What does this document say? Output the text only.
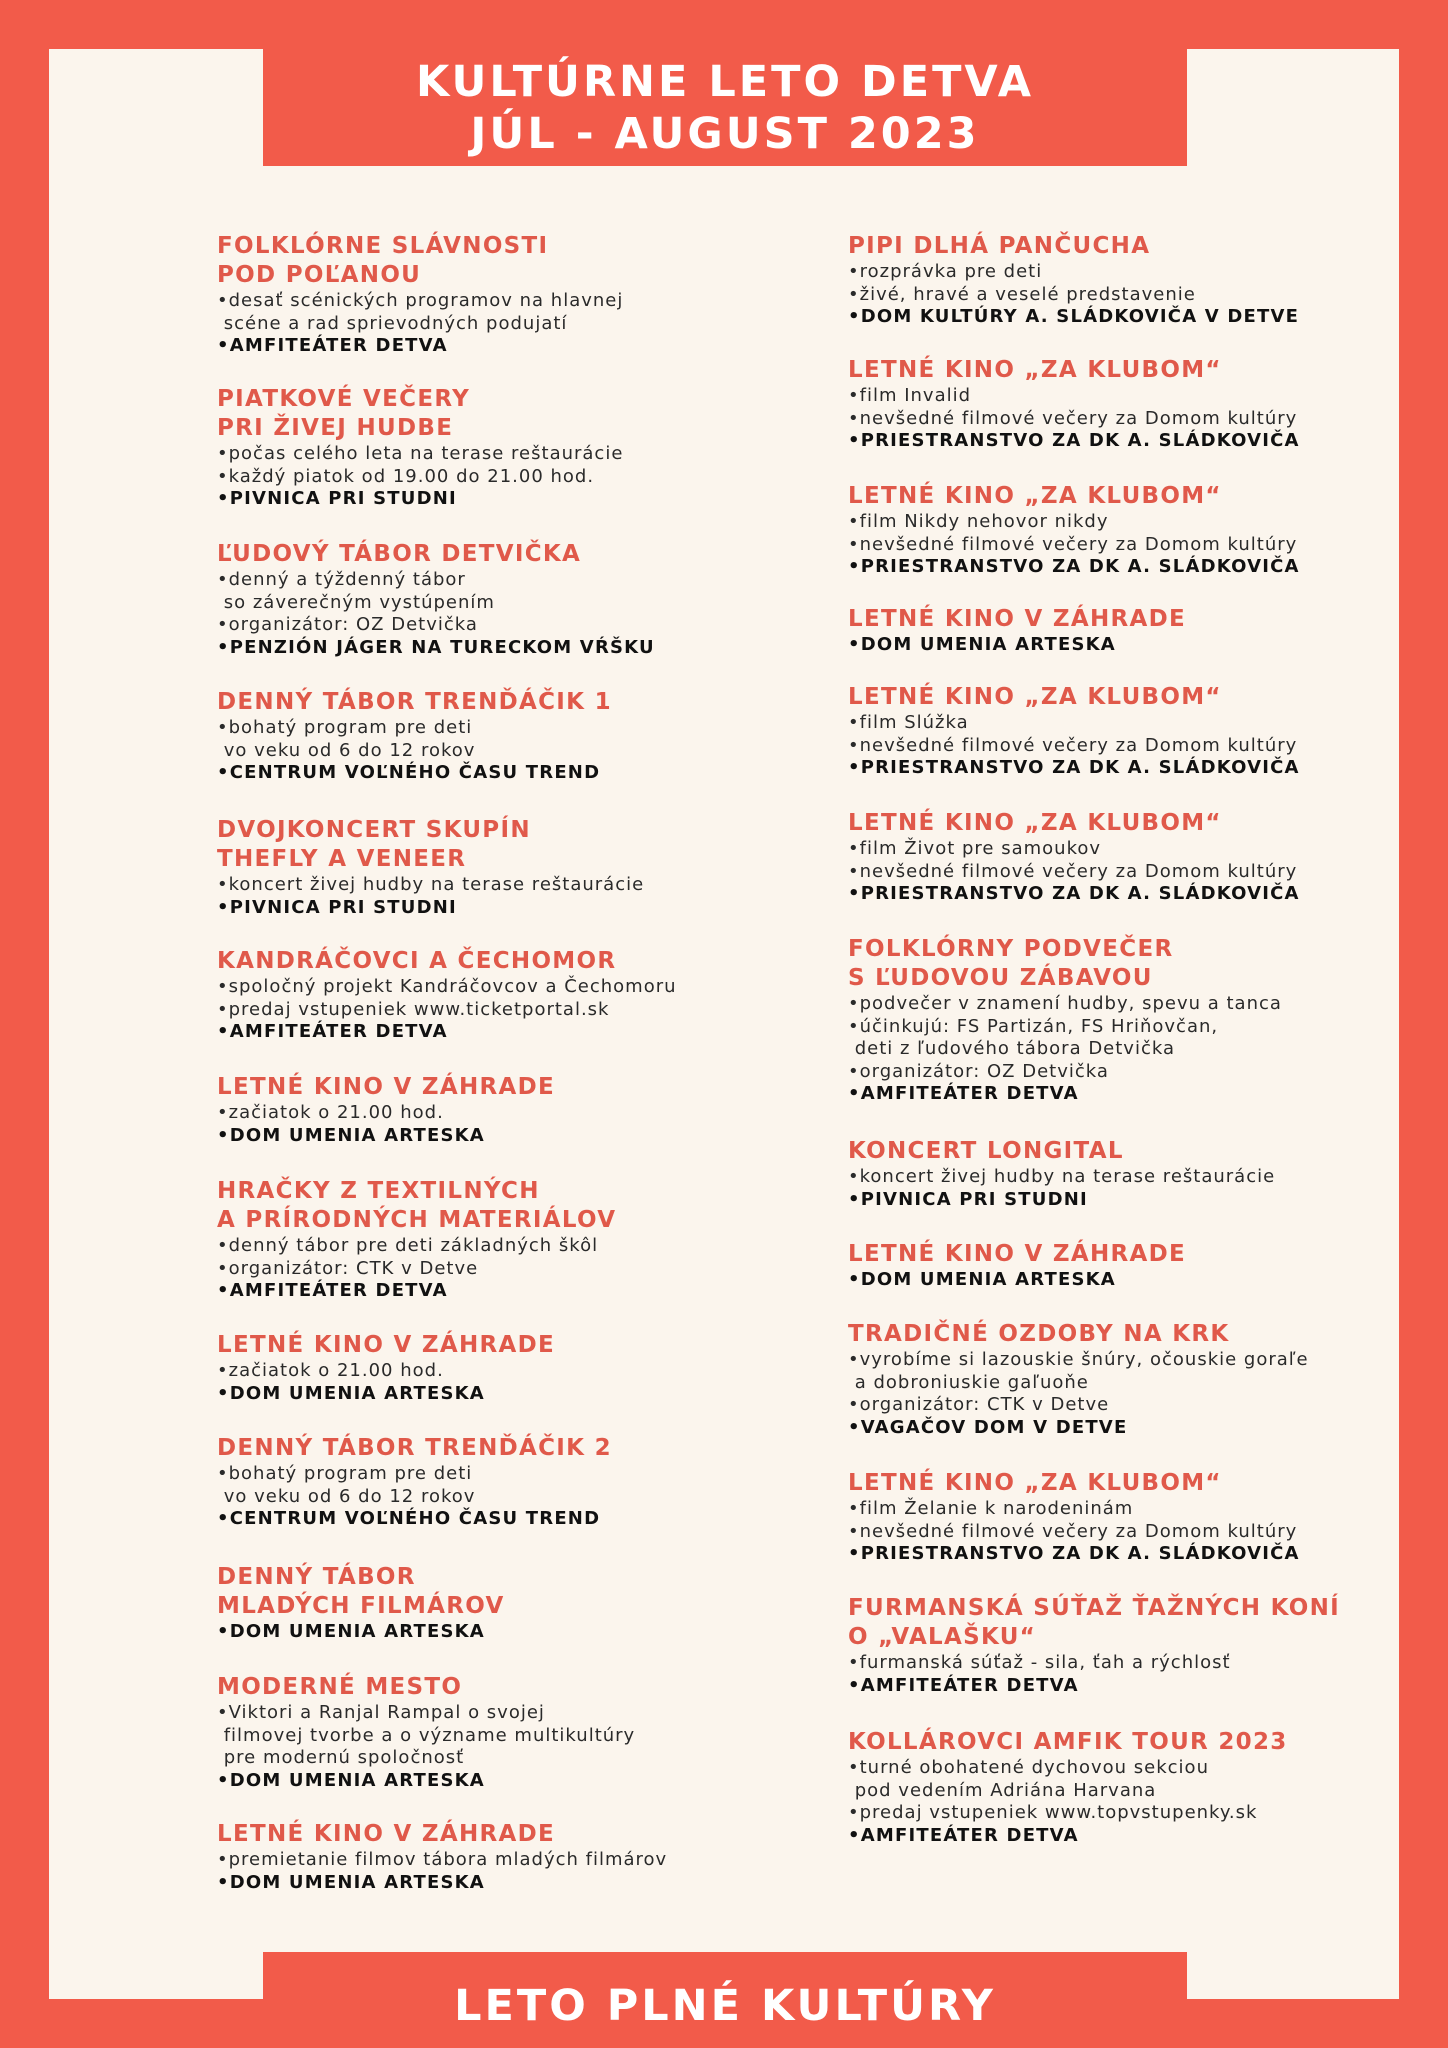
KULTÚRNE LETO DETVA
JÚL - AUGUST 2023
FOLKLÓRNE SLÁVNOSTI
POD POĽANOU
•desať scénických programov na hlavnej
scéne a rad sprievodných podujatí
•AMFITEÁTER DETVA
PIATKOVÉ VEČERY
PRI ŽIVEJ HUDBE
•počas celého leta na terase reštaurácie
•každý piatok od 19.00 do 21.00 hod.
•PIVNICA PRI STUDNI
ĽUDOVÝ TÁBOR DETVIČKA
•denný a týždenný tábor
so záverečným vystúpením
•organizátor: OZ Detvička
•PENZIÓN JÁGER NA TURECKOM VŔŠKU
DENNÝ TÁBOR TRENĎÁČIK 1
•bohatý program pre deti
vo veku od 6 do 12 rokov
•CENTRUM VOĽNÉHO ČASU TREND
DVOJKONCERT SKUPÍN
THEFLY A VENEER
•koncert živej hudby na terase reštaurácie
•PIVNICA PRI STUDNI
KANDRÁČOVCI A ČECHOMOR
•spoločný projekt Kandráčovcov a Čechomoru
•predaj vstupeniek www.ticketportal.sk
•AMFITEÁTER DETVA
LETNÉ KINO V ZÁHRADE
•začiatok o 21.00 hod.
•DOM UMENIA ARTESKA
HRAČKY Z TEXTILNÝCH
A PRÍRODNÝCH MATERIÁLOV
•denný tábor pre deti základných škôl
•organizátor: CTK v Detve
•AMFITEÁTER DETVA
LETNÉ KINO V ZÁHRADE
•začiatok o 21.00 hod.
•DOM UMENIA ARTESKA
DENNÝ TÁBOR TRENĎÁČIK 2
•bohatý program pre deti
vo veku od 6 do 12 rokov
•CENTRUM VOĽNÉHO ČASU TREND
DENNÝ TÁBOR
MLADÝCH FILMÁROV
•DOM UMENIA ARTESKA
MODERNÉ MESTO
•Viktori a Ranjal Rampal o svojej
filmovej tvorbe a o význame multikultúry
pre modernú spoločnosť
•DOM UMENIA ARTESKA
LETNÉ KINO V ZÁHRADE
•premietanie filmov tábora mladých filmárov
•DOM UMENIA ARTESKA
PIPI DLHÁ PANČUCHA
•rozprávka pre deti
•živé, hravé a veselé predstavenie
•DOM KULTÚRY A. SLÁDKOVIČA V DETVE
LETNÉ KINO „ZA KLUBOM“
•film Invalid
•nevšedné filmové večery za Domom kultúry
•PRIESTRANSTVO ZA DK A. SLÁDKOVIČA
LETNÉ KINO „ZA KLUBOM“
•film Nikdy nehovor nikdy
•nevšedné filmové večery za Domom kultúry
•PRIESTRANSTVO ZA DK A. SLÁDKOVIČA
LETNÉ KINO V ZÁHRADE
•DOM UMENIA ARTESKA
LETNÉ KINO „ZA KLUBOM“
•film Slúžka
•nevšedné filmové večery za Domom kultúry
•PRIESTRANSTVO ZA DK A. SLÁDKOVIČA
LETNÉ KINO „ZA KLUBOM“
•film Život pre samoukov
•nevšedné filmové večery za Domom kultúry
•PRIESTRANSTVO ZA DK A. SLÁDKOVIČA
FOLKLÓRNY PODVEČER
S ĽUDOVOU ZÁBAVOU
•podvečer v znamení hudby, spevu a tanca
•účinkujú: FS Partizán, FS Hriňovčan,
deti z ľudového tábora Detvička
•organizátor: OZ Detvička
•AMFITEÁTER DETVA
KONCERT LONGITAL
•koncert živej hudby na terase reštaurácie
•PIVNICA PRI STUDNI
LETNÉ KINO V ZÁHRADE
•DOM UMENIA ARTESKA
TRADIČNÉ OZDOBY NA KRK
•vyrobíme si lazouskie šnúry, očouskie goraľe
a dobroniuskie gaľuoňe
•organizátor: CTK v Detve
•VAGAČOV DOM V DETVE
LETNÉ KINO „ZA KLUBOM“
•film Želanie k narodeninám
•nevšedné filmové večery za Domom kultúry
•PRIESTRANSTVO ZA DK A. SLÁDKOVIČA
FURMANSKÁ SÚŤAŽ ŤAŽNÝCH KONÍ
O „VALAŠKU“
•furmanská súťaž - sila, ťah a rýchlosť
•AMFITEÁTER DETVA
KOLLÁROVCI AMFIK TOUR 2023
•turné obohatené dychovou sekciou
pod vedením Adriána Harvana
•predaj vstupeniek www.topvstupenky.sk
•AMFITEÁTER DETVA
LETO PLNÉ KULTÚRY
